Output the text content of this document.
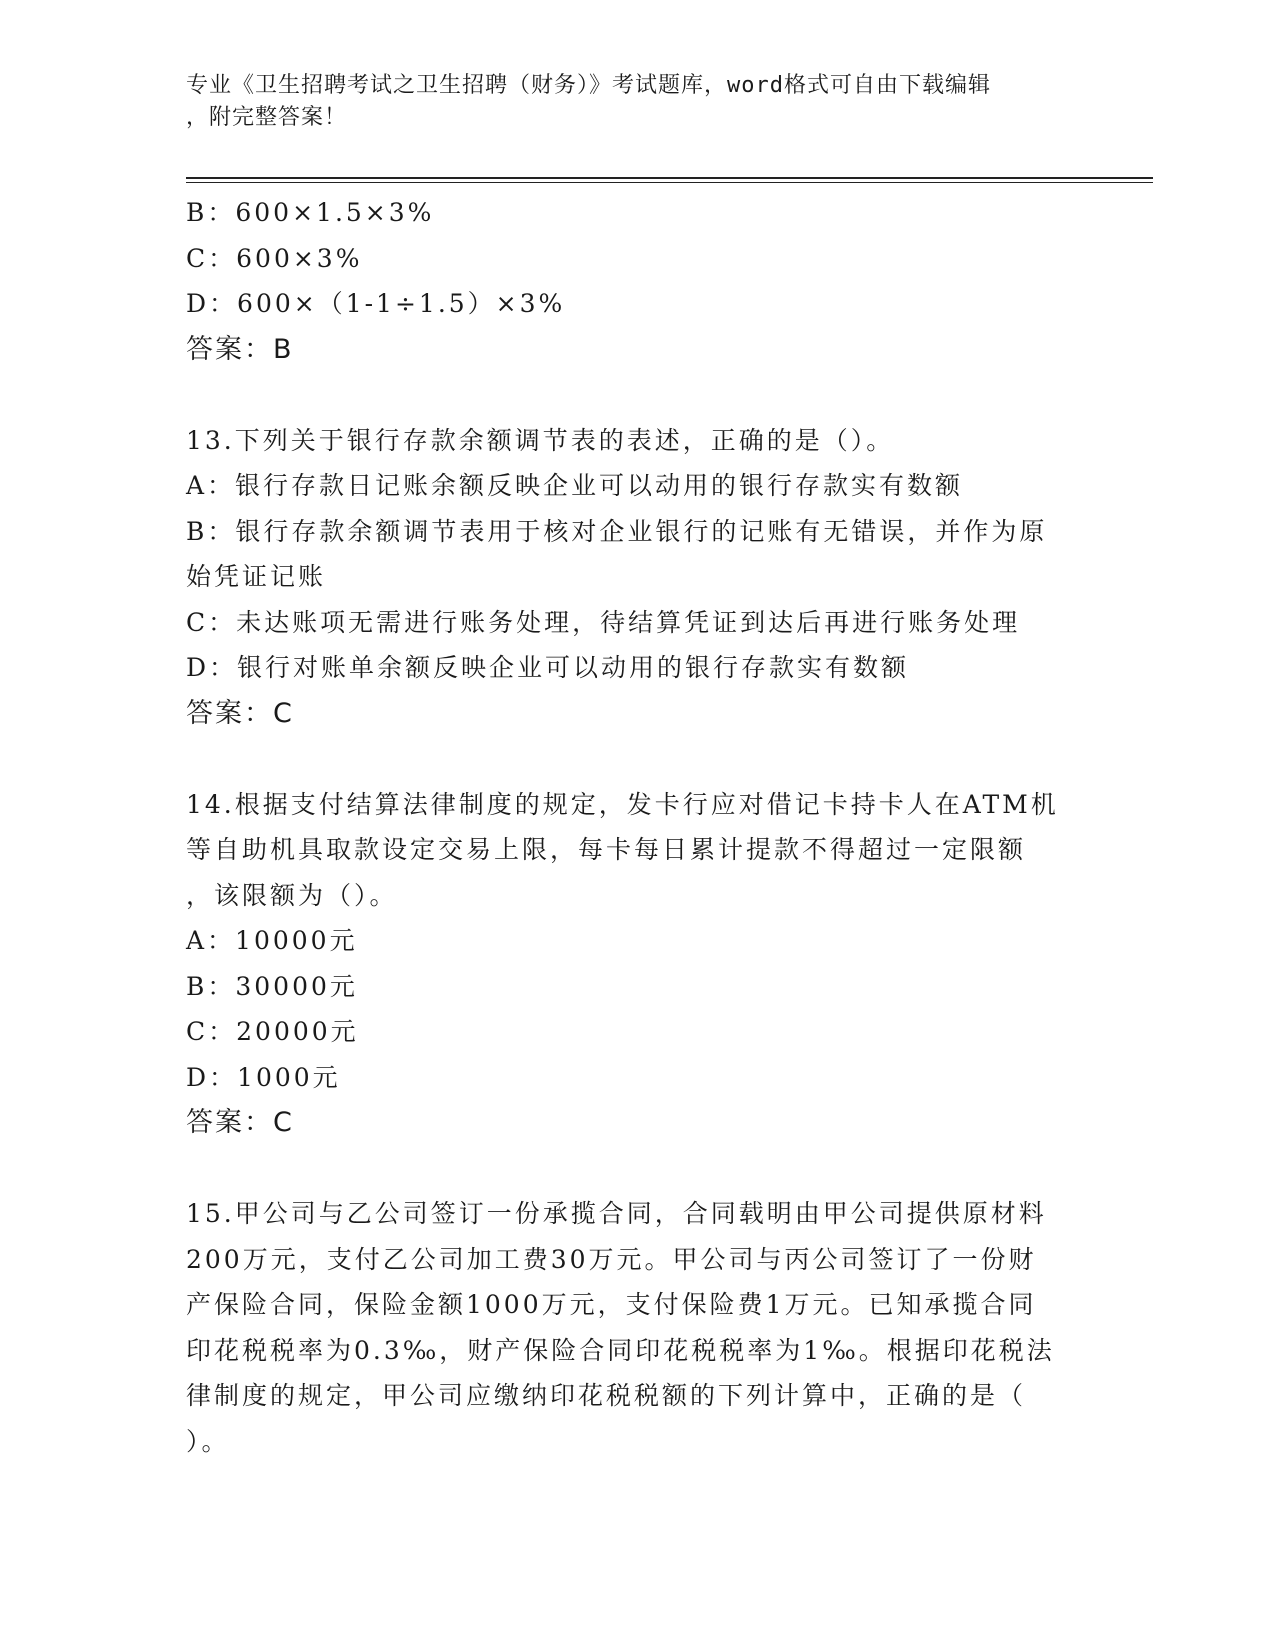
专业《卫生招聘考试之卫生招聘（财务）》考试题库，word格式可自由下载编辑
，附完整答案！
B：600×1.5×3%
C：600×3%
D：600×（1-1÷1.5）×3%
答案：B
13.下列关于银行存款余额调节表的表述，正确的是（）。
A：银行存款日记账余额反映企业可以动用的银行存款实有数额
B：银行存款余额调节表用于核对企业银行的记账有无错误，并作为原
始凭证记账
C：未达账项无需进行账务处理，待结算凭证到达后再进行账务处理
D：银行对账单余额反映企业可以动用的银行存款实有数额
答案：C
14.根据支付结算法律制度的规定，发卡行应对借记卡持卡人在ATM机
等自助机具取款设定交易上限，每卡每日累计提款不得超过一定限额
，该限额为（）。
A：10000元
B：30000元
C：20000元
D：1000元
答案：C
15.甲公司与乙公司签订一份承揽合同，合同载明由甲公司提供原材料
200万元，支付乙公司加工费30万元。甲公司与丙公司签订了一份财
产保险合同，保险金额1000万元，支付保险费1万元。已知承揽合同
印花税税率为0.3‰，财产保险合同印花税税率为1‰。根据印花税法
律制度的规定，甲公司应缴纳印花税税额的下列计算中，正确的是（
）。
